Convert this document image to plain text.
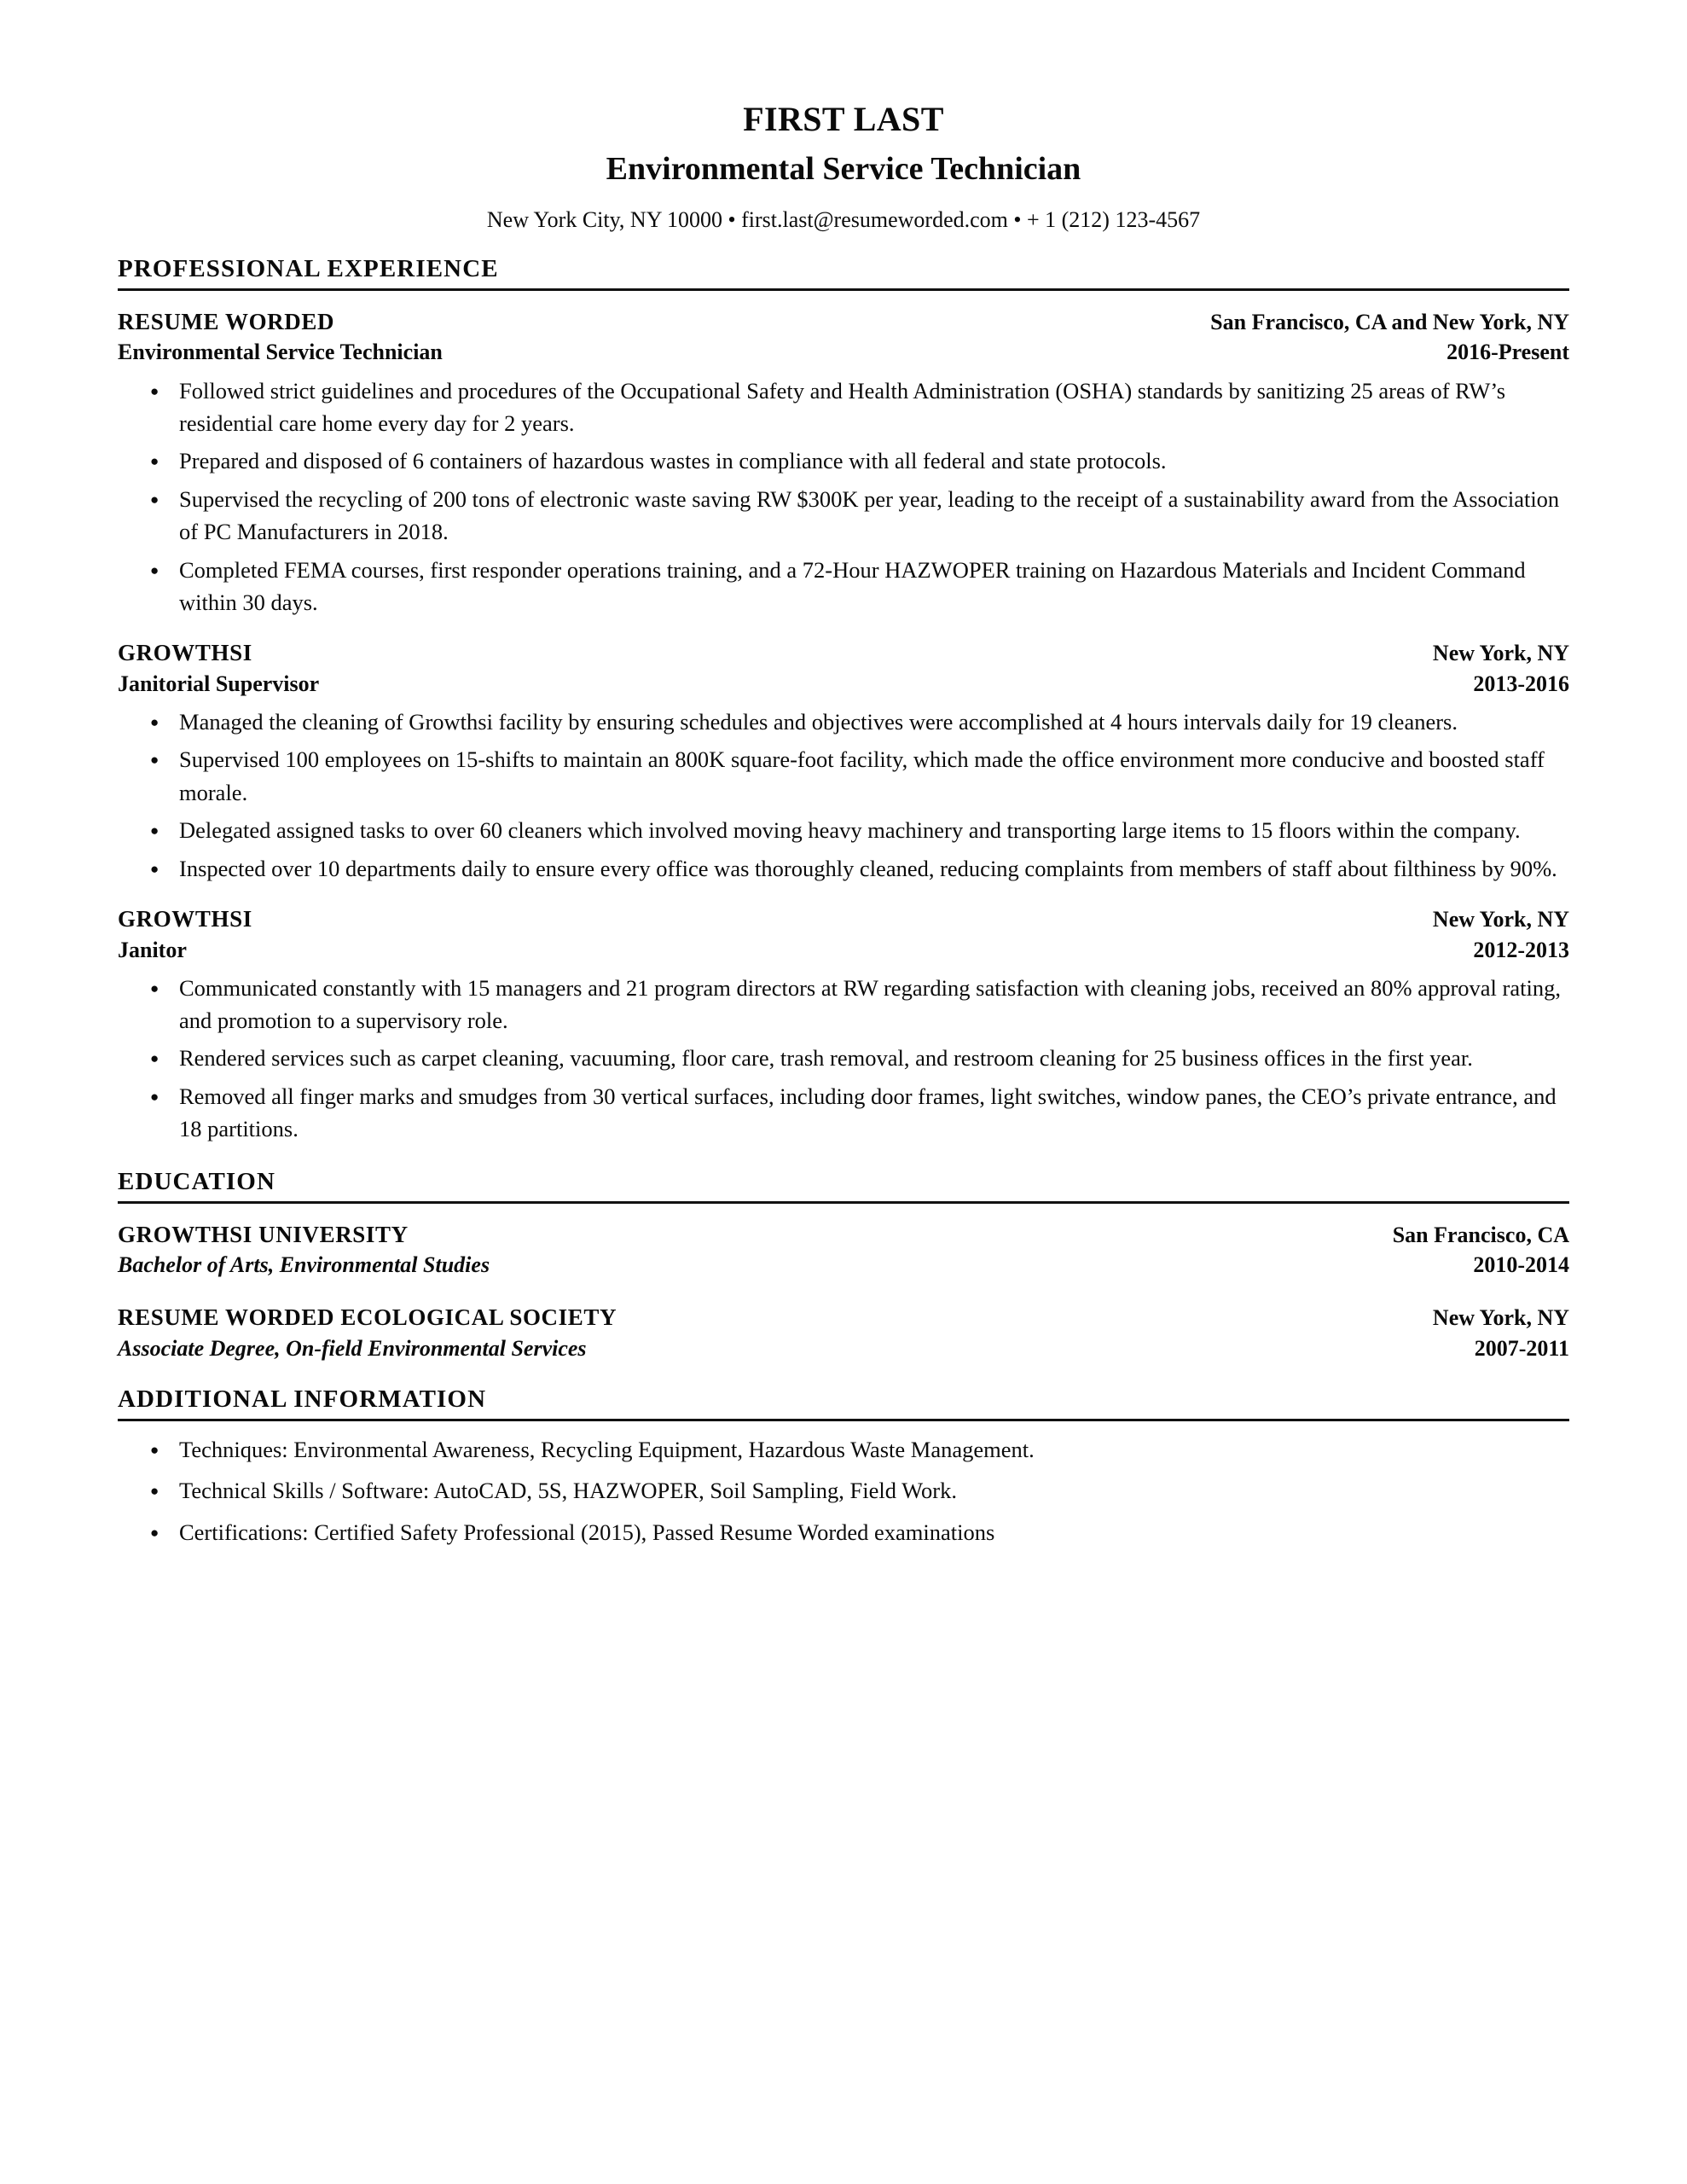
FIRST LAST
Environmental Service Technician

New York City, NY 10000 • first.last@resumeworded.com • + 1 (212) 123-4567

PROFESSIONAL EXPERIENCE
RESUME WORDED	San Francisco, CA and New York, NY
Environmental Service Technician	2016-Present
● Followed strict guidelines and procedures of the Occupational Safety and Health Administration (OSHA) standards by sanitizing 25 areas of RW’s residential care home every day for 2 years.
● Prepared and disposed of 6 containers of hazardous wastes in compliance with all federal and state protocols.
● Supervised the recycling of 200 tons of electronic waste saving RW $300K per year, leading to the receipt of a sustainability award from the Association of PC Manufacturers in 2018.
● Completed FEMA courses, first responder operations training, and a 72-Hour HAZWOPER training on Hazardous Materials and Incident Command within 30 days.
GROWTHSI	New York, NY
Janitorial Supervisor	2013-2016
● Managed the cleaning of Growthsi facility by ensuring schedules and objectives were accomplished at 4 hours intervals daily for 19 cleaners.
● Supervised 100 employees on 15-shifts to maintain an 800K square-foot facility, which made the office environment more conducive and boosted staff morale.
● Delegated assigned tasks to over 60 cleaners which involved moving heavy machinery and transporting large items to 15 floors within the company.
● Inspected over 10 departments daily to ensure every office was thoroughly cleaned, reducing complaints from members of staff about filthiness by 90%.
GROWTHSI	New York, NY
Janitor	2012-2013
● Communicated constantly with 15 managers and 21 program directors at RW regarding satisfaction with cleaning jobs, received an 80% approval rating, and promotion to a supervisory role.
● Rendered services such as carpet cleaning, vacuuming, floor care, trash removal, and restroom cleaning for 25 business offices in the first year.
● Removed all finger marks and smudges from 30 vertical surfaces, including door frames, light switches, window panes, the CEO’s private entrance, and 18 partitions.
EDUCATION
GROWTHSI UNIVERSITY	San Francisco, CA
Bachelor of Arts, Environmental Studies	2010-2014
RESUME WORDED ECOLOGICAL SOCIETY	New York, NY
Associate Degree, On-field Environmental Services	2007-2011
ADDITIONAL INFORMATION
● Techniques: Environmental Awareness, Recycling Equipment, Hazardous Waste Management.
● Technical Skills / Software: AutoCAD, 5S, HAZWOPER, Soil Sampling, Field Work.
● Certifications: Certified Safety Professional (2015), Passed Resume Worded examinations
